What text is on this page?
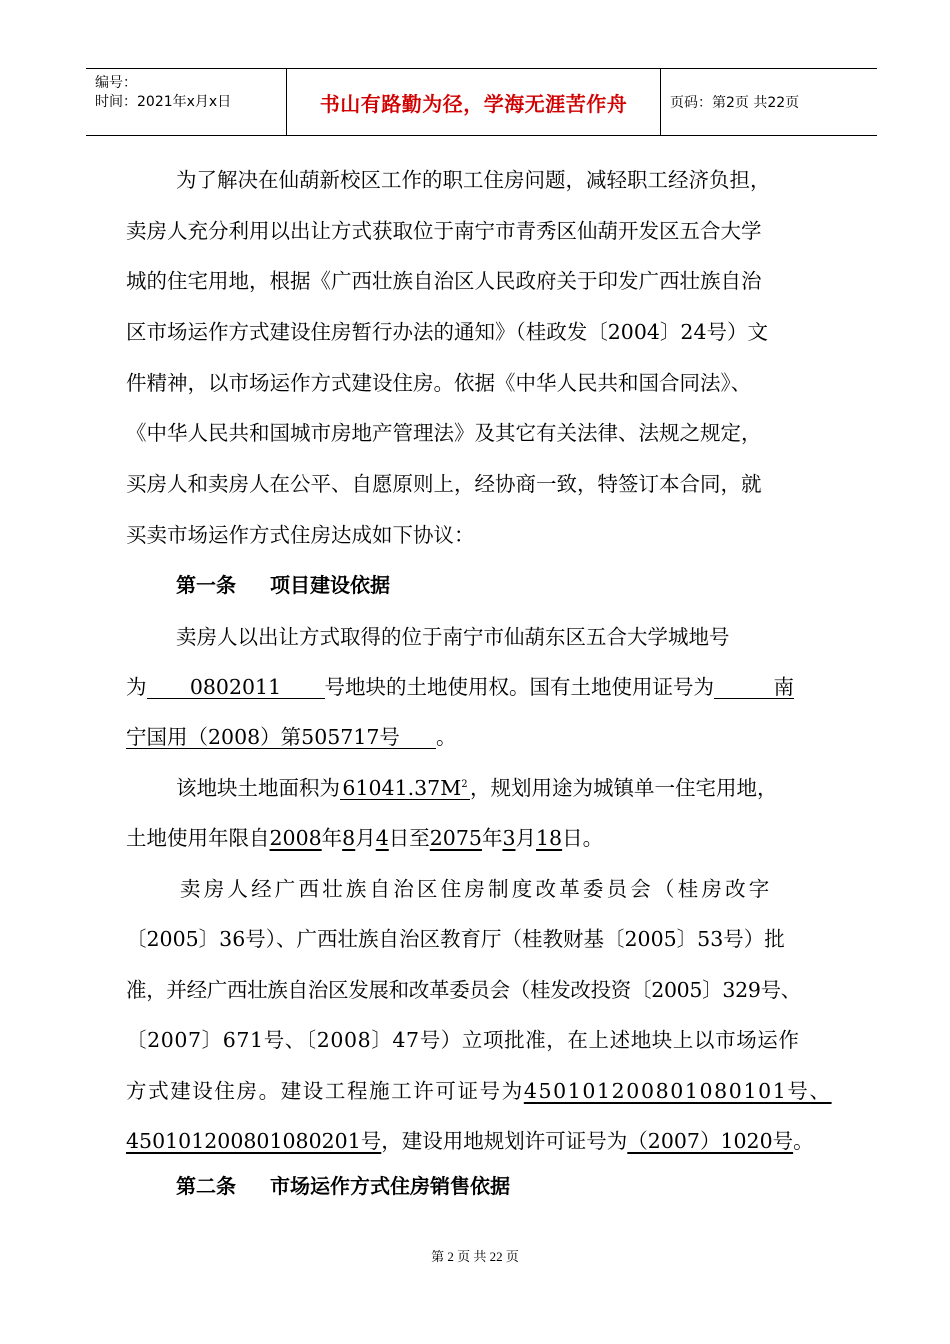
编号：
时间：2021年x月x日	书山有路勤为径，学海无涯苦作舟	页码：第2页 共22页
为了解决在仙葫新校区工作的职工住房问题，减轻职工经济负担，
卖房人充分利用以出让方式获取位于南宁市青秀区仙葫开发区五合大学
城的住宅用地，根据《广西壮族自治区人民政府关于印发广西壮族自治
区市场运作方式建设住房暂行办法的通知》（桂政发〔2004〕24号）文
件精神，以市场运作方式建设住房。依据《中华人民共和国合同法》、
《中华人民共和国城市房地产管理法》及其它有关法律、法规之规定，
买房人和卖房人在公平、自愿原则上，经协商一致，特签订本合同，就
买卖市场运作方式住房达成如下协议：
第一条 项目建设依据
卖房人以出让方式取得的位于南宁市仙葫东区五合大学城地号
为 0802011 号地块的土地使用权。国有土地使用证号为	南
宁国用（2008）第505717号 。
该地块土地面积为 $61041.37M^2$ ，规划用途为城镇单一住宅用地，
土地使用年限自2008年8月4日至2075年3月18日。
卖房人经广西壮族自治区住房制度改革委员会（桂房改字
〔2005〕36号）、广西壮族自治区教育厅（桂教财基〔2005〕53号）批
准，并经广西壮族自治区发展和改革委员会（桂发改投资〔2005〕329号、
〔2007〕671号、〔2008〕47号）立项批准，在上述地块上以市场运作
方式建设住房。建设工程施工许可证号为450101200801080101号、
450101200801080201号，建设用地规划许可证号为（2007）1020号。
第二条 市场运作方式住房销售依据
第 2 页 共 22 页
